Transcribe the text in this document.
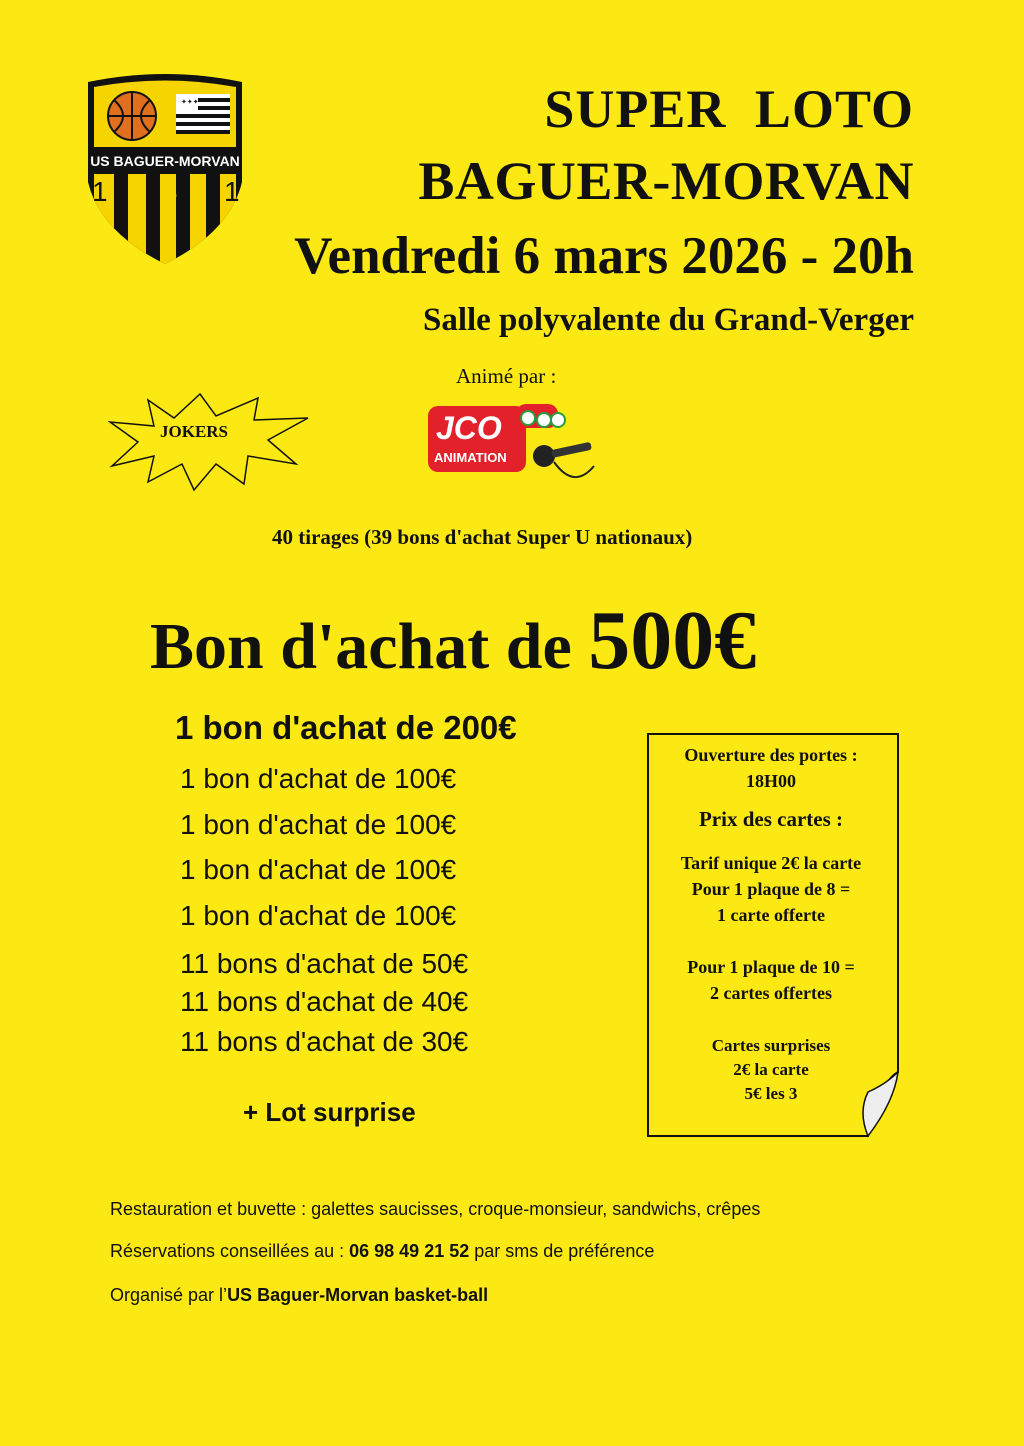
✦✦✦
US BAGUER-MORVAN
1 9 8 1
SUPER LOTO
BAGUER-MORVAN
Vendredi 6 mars 2026 - 20h
Salle polyvalente du Grand-Verger
Animé par :
JOKERS	JCO
ANIMATION
40 tirages (39 bons d'achat Super U nationaux)
Bon d'achat de 500€
1 bon d'achat de 200€
1 bon d'achat de 100€
1 bon d'achat de 100€
1 bon d'achat de 100€
1 bon d'achat de 100€
11 bons d'achat de 50€
11 bons d'achat de 40€
11 bons d'achat de 30€
+ Lot surprise
Ouverture des portes :
18H00
Prix des cartes :
Tarif unique 2€ la carte
Pour 1 plaque de 8 =
1 carte offerte
Pour 1 plaque de 10 =
2 cartes offertes
Cartes surprises
2€ la carte
5€ les 3
Restauration et buvette : galettes saucisses, croque-monsieur, sandwichs, crêpes
Réservations conseillées au : 06 98 49 21 52 par sms de préférence
Organisé par l’US Baguer-Morvan basket-ball
